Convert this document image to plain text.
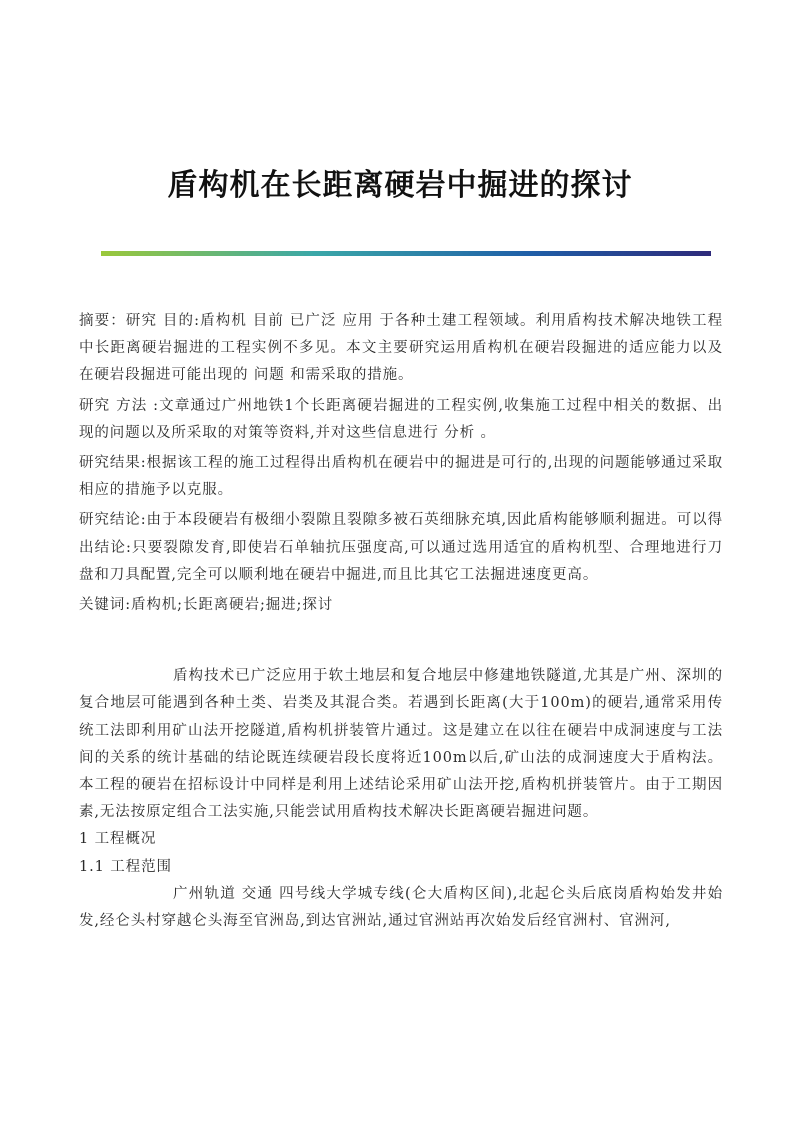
盾构机在长距离硬岩中掘进的探讨

摘要：研究 目的:盾构机 目前 已广泛 应用 于各种土建工程领域。利用盾构技术解决地铁工程中长距离硬岩掘进的工程实例不多见。本文主要研究运用盾构机在硬岩段掘进的适应能力以及在硬岩段掘进可能出现的 问题 和需采取的措施。

研究 方法 :文章通过广州地铁1个长距离硬岩掘进的工程实例,收集施工过程中相关的数据、出现的问题以及所采取的对策等资料,并对这些信息进行 分析 。

研究结果:根据该工程的施工过程得出盾构机在硬岩中的掘进是可行的,出现的问题能够通过采取相应的措施予以克服。

研究结论:由于本段硬岩有极细小裂隙且裂隙多被石英细脉充填,因此盾构能够顺利掘进。可以得出结论:只要裂隙发育,即使岩石单轴抗压强度高,可以通过选用适宜的盾构机型、合理地进行刀盘和刀具配置,完全可以顺利地在硬岩中掘进,而且比其它工法掘进速度更高。

关键词:盾构机;长距离硬岩;掘进;探讨

盾构技术已广泛应用于软土地层和复合地层中修建地铁隧道,尤其是广州、深圳的复合地层可能遇到各种土类、岩类及其混合类。若遇到长距离(大于100m)的硬岩,通常采用传统工法即利用矿山法开挖隧道,盾构机拼装管片通过。这是建立在以往在硬岩中成洞速度与工法间的关系的统计基础的结论既连续硬岩段长度将近100m以后,矿山法的成洞速度大于盾构法。本工程的硬岩在招标设计中同样是利用上述结论采用矿山法开挖,盾构机拼装管片。由于工期因素,无法按原定组合工法实施,只能尝试用盾构技术解决长距离硬岩掘进问题。

1 工程概况

1.1 工程范围

广州轨道 交通 四号线大学城专线(仑大盾构区间),北起仑头后底岗盾构始发井始发,经仑头村穿越仑头海至官洲岛,到达官洲站,通过官洲站再次始发后经官洲村、官洲河,
